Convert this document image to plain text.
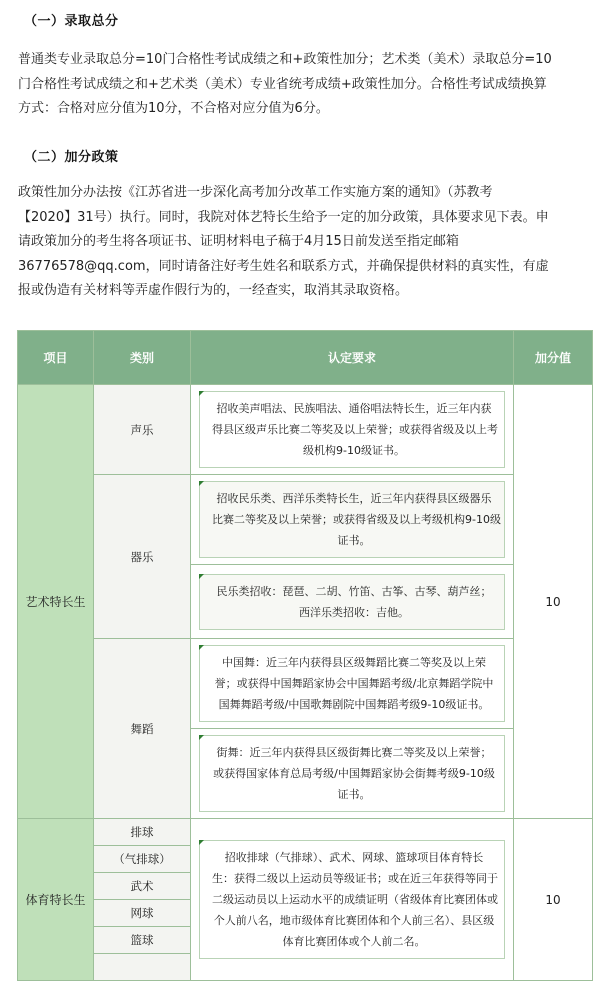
（一）录取总分
普通类专业录取总分=10门合格性考试成绩之和+政策性加分；艺术类（美术）录取总分=10
门合格性考试成绩之和+艺术类（美术）专业省统考成绩+政策性加分。合格性考试成绩换算
方式：合格对应分值为10分，不合格对应分值为6分。
（二）加分政策
政策性加分办法按《江苏省进一步深化高考加分改革工作实施方案的通知》（苏教考
【2020】31号）执行。同时，我院对体艺特长生给予一定的加分政策，具体要求见下表。申
请政策加分的考生将各项证书、证明材料电子稿于4月15日前发送至指定邮箱
36776578@qq.com，同时请备注好考生姓名和联系方式，并确保提供材料的真实性，有虚
报或伪造有关材料等弄虚作假行为的，一经查实，取消其录取资格。
项目	类别	认定要求	加分值
艺术特长生	声乐	招收美声唱法、民族唱法、通俗唱法特长生，近三年内获
得县区级声乐比赛二等奖及以上荣誉；或获得省级及以上考
级机构9-10级证书。	10
	器乐	招收民乐类、西洋乐类特长生，近三年内获得县区级器乐
比赛二等奖及以上荣誉；或获得省级及以上考级机构9-10级
证书。	

		民乐类招收：琵琶、二胡、竹笛、古筝、古琴、葫芦丝；
西洋乐类招收：吉他。	

	舞蹈	中国舞：近三年内获得县区级舞蹈比赛二等奖及以上荣
誉；或获得中国舞蹈家协会中国舞蹈考级/北京舞蹈学院中
国舞舞蹈考级/中国歌舞剧院中国舞蹈考级9-10级证书。	

		街舞：近三年内获得县区级街舞比赛二等奖及以上荣誉；
或获得国家体育总局考级/中国舞蹈家协会街舞考级9-10级
证书。	

体育特长生	排球	招收排球（气排球）、武术、网球、篮球项目体育特长
生：获得二级以上运动员等级证书；或在近三年获得等同于
二级运动员以上运动水平的成绩证明（省级体育比赛团体或
个人前八名，地市级体育比赛团体和个人前三名）、县区级
体育比赛团体或个人前二名。	10
	（气排球）		
	武术		
	网球		
	篮球		
